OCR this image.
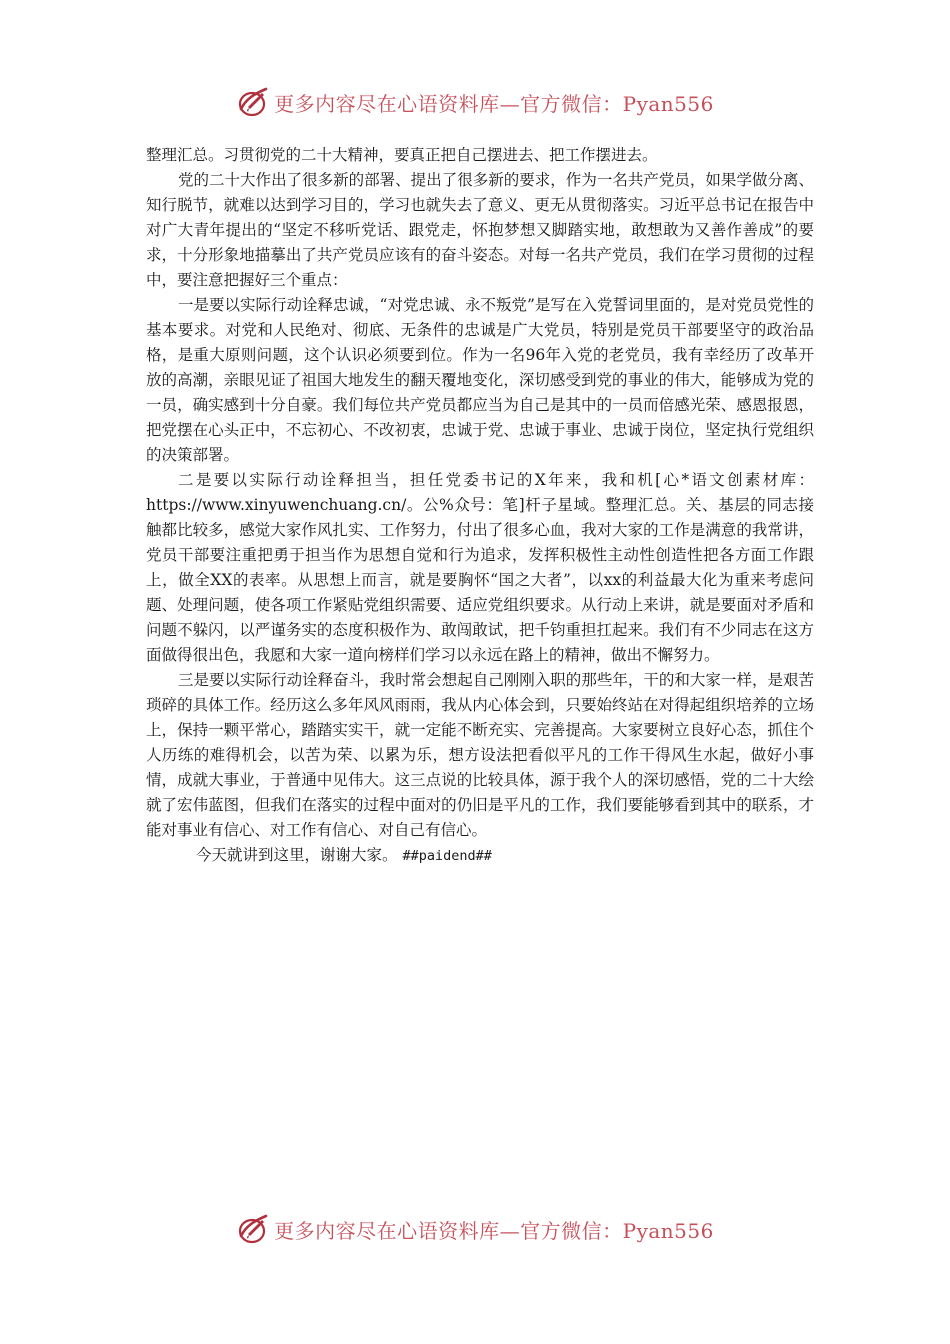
更多内容尽在心语资料库—官方微信：Pyan556

整理汇总。习贯彻党的二十大精神，要真正把自己摆进去、把工作摆进去。

党的二十大作出了很多新的部署、提出了很多新的要求，作为一名共产党员，如果学做分离、知行脱节，就难以达到学习目的，学习也就失去了意义、更无从贯彻落实。习近平总书记在报告中对广大青年提出的“坚定不移听党话、跟党走，怀抱梦想又脚踏实地，敢想敢为又善作善成”的要求，十分形象地描摹出了共产党员应该有的奋斗姿态。对每一名共产党员，我们在学习贯彻的过程中，要注意把握好三个重点：

一是要以实际行动诠释忠诚，“对党忠诚、永不叛党”是写在入党誓词里面的，是对党员党性的基本要求。对党和人民绝对、彻底、无条件的忠诚是广大党员，特别是党员干部要坚守的政治品格，是重大原则问题，这个认识必须要到位。作为一名96年入党的老党员，我有幸经历了改革开放的高潮，亲眼见证了祖国大地发生的翻天覆地变化，深切感受到党的事业的伟大，能够成为党的一员，确实感到十分自豪。我们每位共产党员都应当为自己是其中的一员而倍感光荣、感恩报恩，把党摆在心头正中，不忘初心、不改初衷，忠诚于党、忠诚于事业、忠诚于岗位，坚定执行党组织的决策部署。

二是要以实际行动诠释担当，担任党委书记的X年来，我和机[心*语文创素材库：https://www.xinyuwenchuang.cn/。公%众号：笔]杆子星域。整理汇总。关、基层的同志接触都比较多，感觉大家作风扎实、工作努力，付出了很多心血，我对大家的工作是满意的我常讲，党员干部要注重把勇于担当作为思想自觉和行为追求，发挥积极性主动性创造性把各方面工作跟上，做全XX的表率。从思想上而言，就是要胸怀“国之大者”，以xx的利益最大化为重来考虑问题、处理问题，使各项工作紧贴党组织需要、适应党组织要求。从行动上来讲，就是要面对矛盾和问题不躲闪，以严谨务实的态度积极作为、敢闯敢试，把千钧重担扛起来。我们有不少同志在这方面做得很出色，我愿和大家一道向榜样们学习以永远在路上的精神，做出不懈努力。

三是要以实际行动诠释奋斗，我时常会想起自己刚刚入职的那些年，干的和大家一样，是艰苦琐碎的具体工作。经历这么多年风风雨雨，我从内心体会到，只要始终站在对得起组织培养的立场上，保持一颗平常心，踏踏实实干，就一定能不断充实、完善提高。大家要树立良好心态，抓住个人历练的难得机会，以苦为荣、以累为乐，想方设法把看似平凡的工作干得风生水起，做好小事情，成就大事业，于普通中见伟大。这三点说的比较具体，源于我个人的深切感悟，党的二十大绘就了宏伟蓝图，但我们在落实的过程中面对的仍旧是平凡的工作，我们要能够看到其中的联系，才能对事业有信心、对工作有信心、对自己有信心。

今天就讲到这里，谢谢大家。 ##paidend##

更多内容尽在心语资料库—官方微信：Pyan556
